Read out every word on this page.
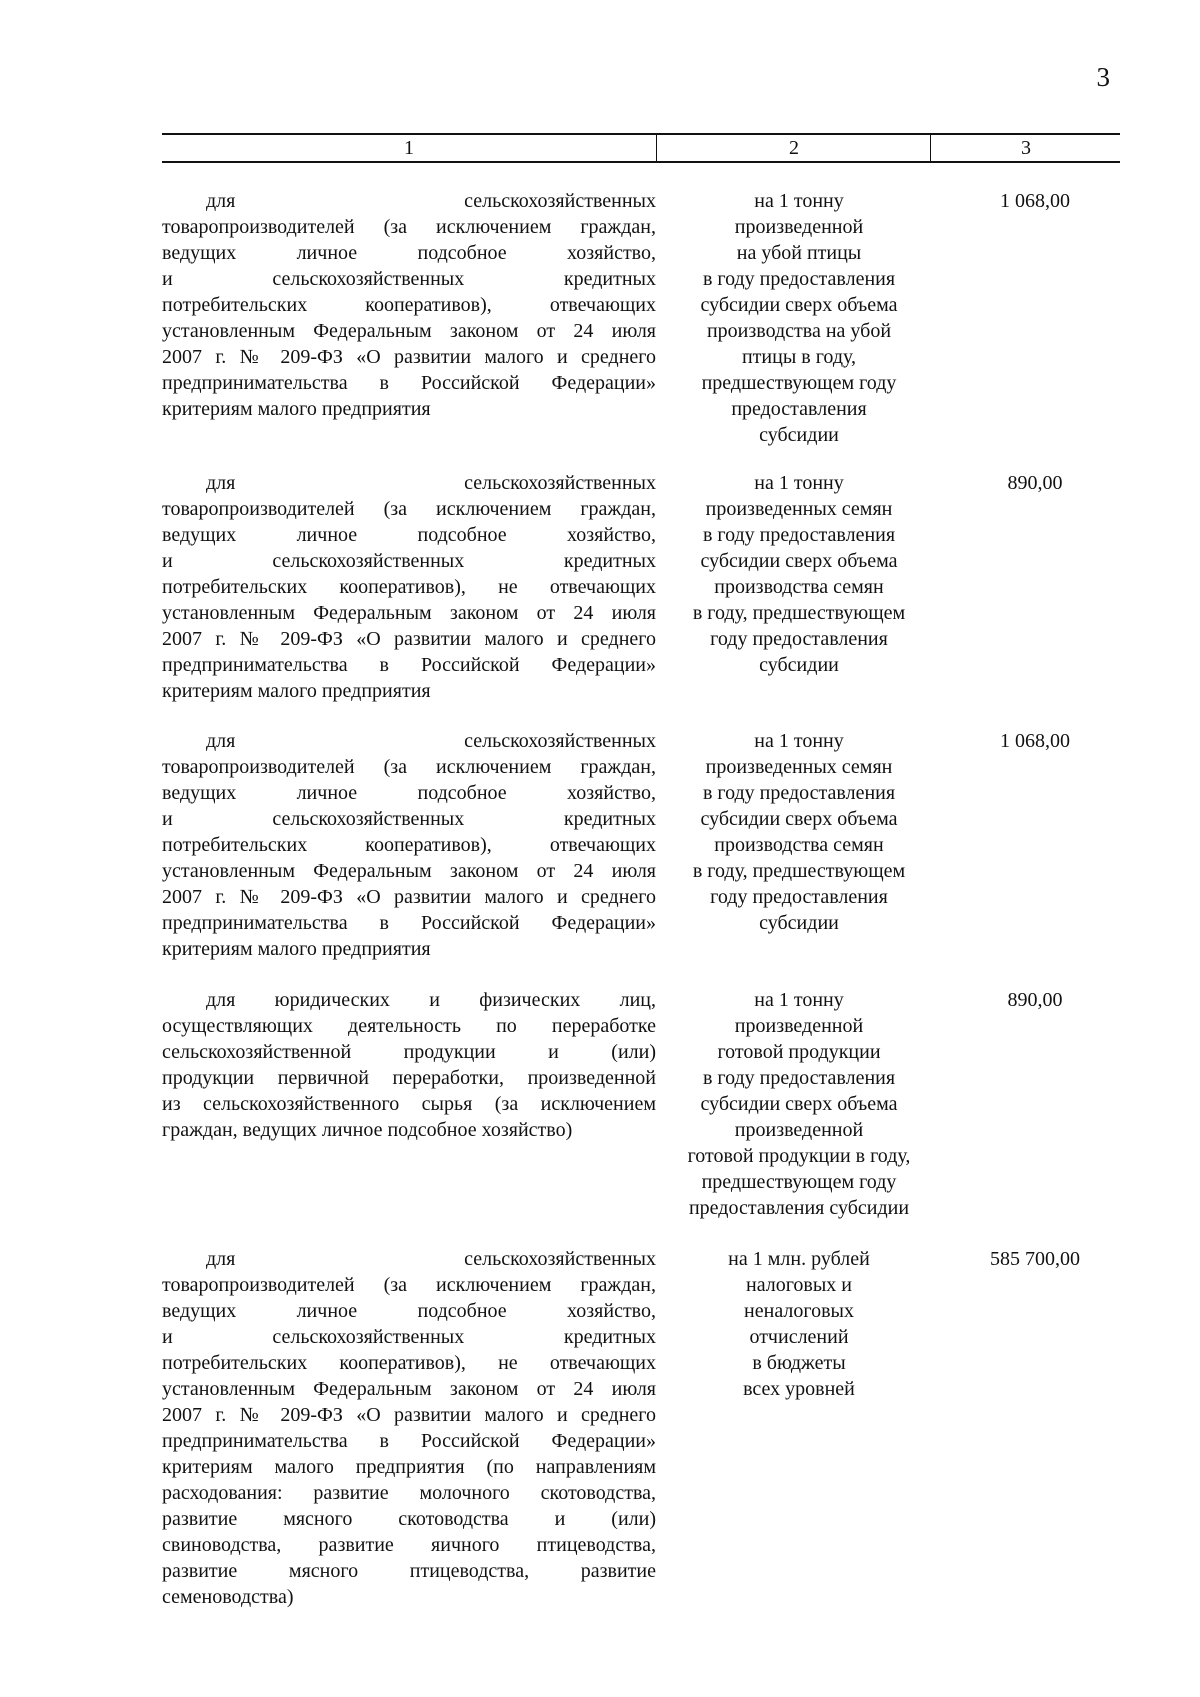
3
1	2	3
для сельскохозяйственных
товаропроизводителей (за исключением граждан,
ведущих личное подсобное хозяйство,
и сельскохозяйственных кредитных
потребительских кооперативов), отвечающих
установленным Федеральным законом от 24 июля
2007 г. № 209-ФЗ «О развитии малого и среднего
предпринимательства в Российской Федерации»
критериям малого предприятия
на 1 тонну
произведенной
на убой птицы
в году предоставления
субсидии сверх объема
производства на убой
птицы в году,
предшествующем году
предоставления
субсидии
1 068,00
для сельскохозяйственных
товаропроизводителей (за исключением граждан,
ведущих личное подсобное хозяйство,
и сельскохозяйственных кредитных
потребительских кооперативов), не отвечающих
установленным Федеральным законом от 24 июля
2007 г. № 209-ФЗ «О развитии малого и среднего
предпринимательства в Российской Федерации»
критериям малого предприятия
на 1 тонну
произведенных семян
в году предоставления
субсидии сверх объема
производства семян
в году, предшествующем
году предоставления
субсидии
890,00
для сельскохозяйственных
товаропроизводителей (за исключением граждан,
ведущих личное подсобное хозяйство,
и сельскохозяйственных кредитных
потребительских кооперативов), отвечающих
установленным Федеральным законом от 24 июля
2007 г. № 209-ФЗ «О развитии малого и среднего
предпринимательства в Российской Федерации»
критериям малого предприятия
на 1 тонну
произведенных семян
в году предоставления
субсидии сверх объема
производства семян
в году, предшествующем
году предоставления
субсидии
1 068,00
для юридических и физических лиц,
осуществляющих деятельность по переработке
сельскохозяйственной продукции и (или)
продукции первичной переработки, произведенной
из сельскохозяйственного сырья (за исключением
граждан, ведущих личное подсобное хозяйство)
на 1 тонну
произведенной
готовой продукции
в году предоставления
субсидии сверх объема
произведенной
готовой продукции в году,
предшествующем году
предоставления субсидии
890,00
для сельскохозяйственных
товаропроизводителей (за исключением граждан,
ведущих личное подсобное хозяйство,
и сельскохозяйственных кредитных
потребительских кооперативов), не отвечающих
установленным Федеральным законом от 24 июля
2007 г. № 209-ФЗ «О развитии малого и среднего
предпринимательства в Российской Федерации»
критериям малого предприятия (по направлениям
расходования: развитие молочного скотоводства,
развитие мясного скотоводства и (или)
свиноводства, развитие яичного птицеводства,
развитие мясного птицеводства, развитие
семеноводства)
на 1 млн. рублей
налоговых и
неналоговых
отчислений
в бюджеты
всех уровней
585 700,00
